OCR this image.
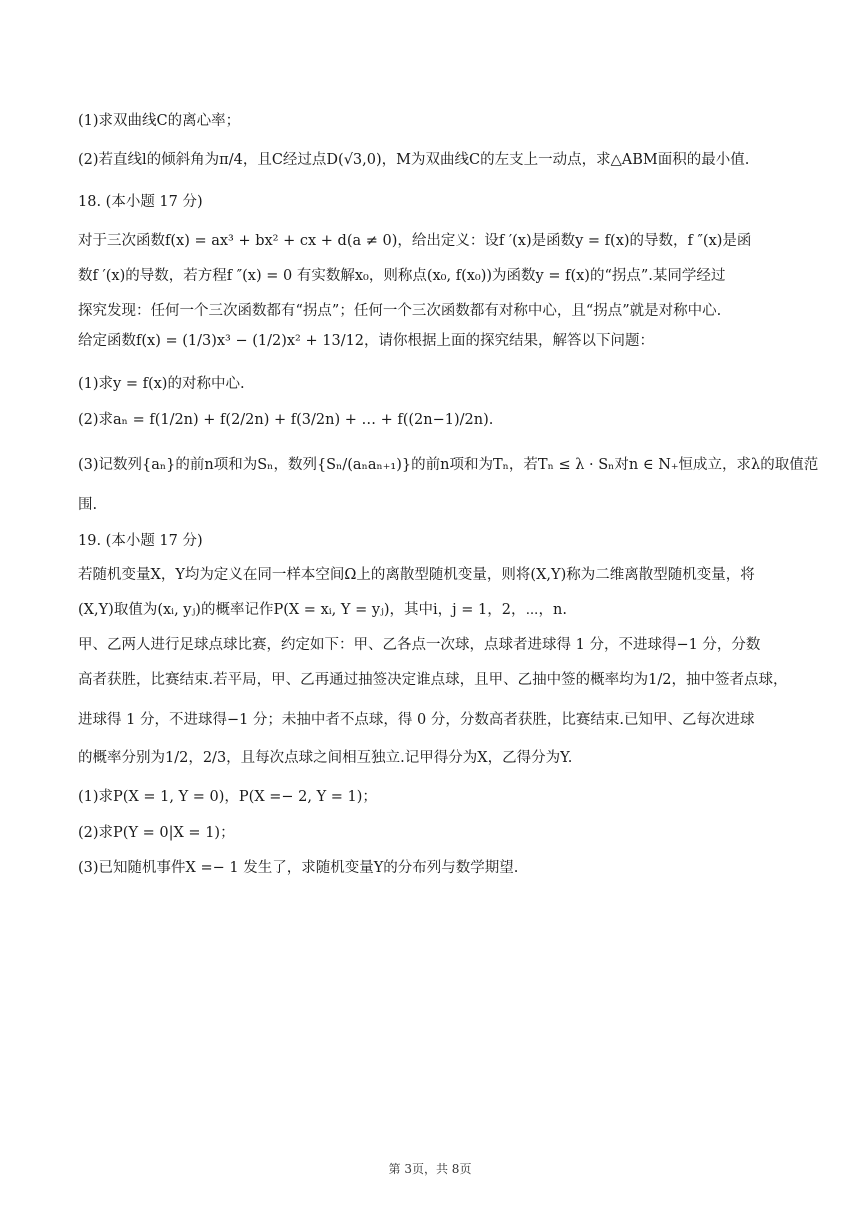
(1)求双曲线C的离心率；
(2)若直线l的倾斜角为π/4，且C经过点D(√3,0)，M为双曲线C的左支上一动点，求△ABM面积的最小值.
18. (本小题 17 分)
对于三次函数f(x) = ax³ + bx² + cx + d(a ≠ 0)，给出定义：设f ′(x)是函数y = f(x)的导数，f ″(x)是函
数f ′(x)的导数，若方程f ″(x) = 0 有实数解x₀，则称点(x₀, f(x₀))为函数y = f(x)的“拐点”.某同学经过
探究发现：任何一个三次函数都有“拐点”；任何一个三次函数都有对称中心，且“拐点”就是对称中心.
给定函数f(x) = (1/3)x³ − (1/2)x² + 13/12，请你根据上面的探究结果，解答以下问题：
(1)求y = f(x)的对称中心.
(2)求aₙ = f(1/2n) + f(2/2n) + f(3/2n) + … + f((2n−1)/2n).
(3)记数列{aₙ}的前n项和为Sₙ，数列{Sₙ/(aₙaₙ₊₁)}的前n项和为Tₙ，若Tₙ ≤ λ · Sₙ对n ∈ N₊恒成立，求λ的取值范
围.
19. (本小题 17 分)
若随机变量X，Y均为定义在同一样本空间Ω上的离散型随机变量，则将(X,Y)称为二维离散型随机变量，将
(X,Y)取值为(xᵢ, yⱼ)的概率记作P(X = xᵢ, Y = yⱼ)，其中i，j = 1，2，⋯，n.
甲、乙两人进行足球点球比赛，约定如下：甲、乙各点一次球，点球者进球得 1 分，不进球得−1 分，分数
高者获胜，比赛结束.若平局，甲、乙再通过抽签决定谁点球，且甲、乙抽中签的概率均为1/2，抽中签者点球，
进球得 1 分，不进球得−1 分；未抽中者不点球，得 0 分，分数高者获胜，比赛结束.已知甲、乙每次进球
的概率分别为1/2，2/3，且每次点球之间相互独立.记甲得分为X，乙得分为Y.
(1)求P(X = 1, Y = 0)，P(X =− 2, Y = 1)；
(2)求P(Y = 0|X = 1)；
(3)已知随机事件X =− 1 发生了，求随机变量Y的分布列与数学期望.
第 3页，共 8页
